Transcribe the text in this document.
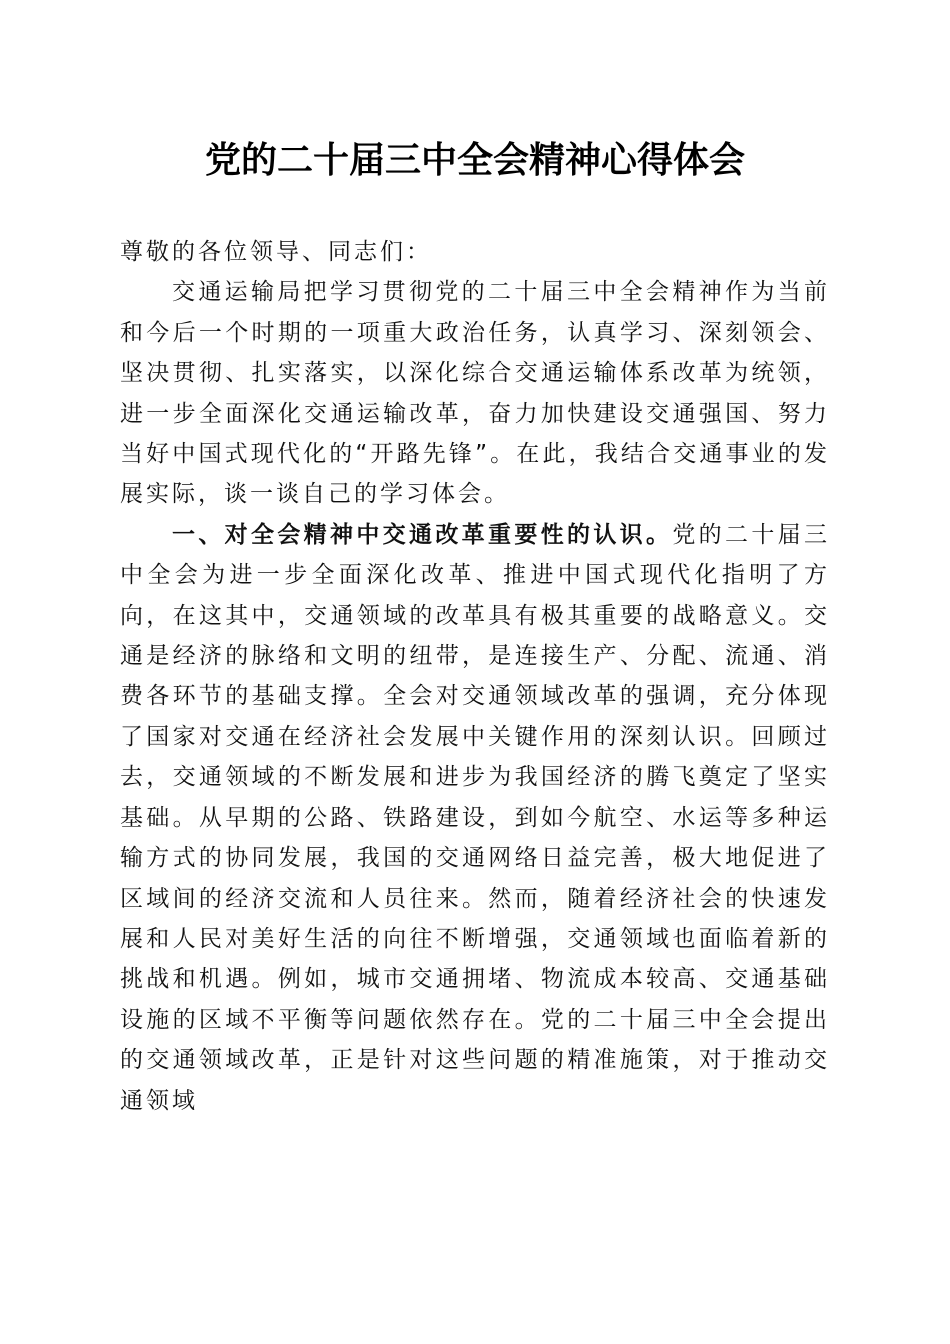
党的二十届三中全会精神心得体会

尊敬的各位领导、同志们：

交通运输局把学习贯彻党的二十届三中全会精神作为当前和今后一个时期的一项重大政治任务，认真学习、深刻领会、坚决贯彻、扎实落实，以深化综合交通运输体系改革为统领，进一步全面深化交通运输改革，奋力加快建设交通强国、努力当好中国式现代化的“开路先锋”。在此，我结合交通事业的发展实际，谈一谈自己的学习体会。

一、对全会精神中交通改革重要性的认识。党的二十届三中全会为进一步全面深化改革、推进中国式现代化指明了方向，在这其中，交通领域的改革具有极其重要的战略意义。交通是经济的脉络和文明的纽带，是连接生产、分配、流通、消费各环节的基础支撑。全会对交通领域改革的强调，充分体现了国家对交通在经济社会发展中关键作用的深刻认识。回顾过去，交通领域的不断发展和进步为我国经济的腾飞奠定了坚实基础。从早期的公路、铁路建设，到如今航空、水运等多种运输方式的协同发展，我国的交通网络日益完善，极大地促进了区域间的经济交流和人员往来。然而，随着经济社会的快速发展和人民对美好生活的向往不断增强，交通领域也面临着新的挑战和机遇。例如，城市交通拥堵、物流成本较高、交通基础设施的区域不平衡等问题依然存在。党的二十届三中全会提出的交通领域改革，正是针对这些问题的精准施策，对于推动交通领域
